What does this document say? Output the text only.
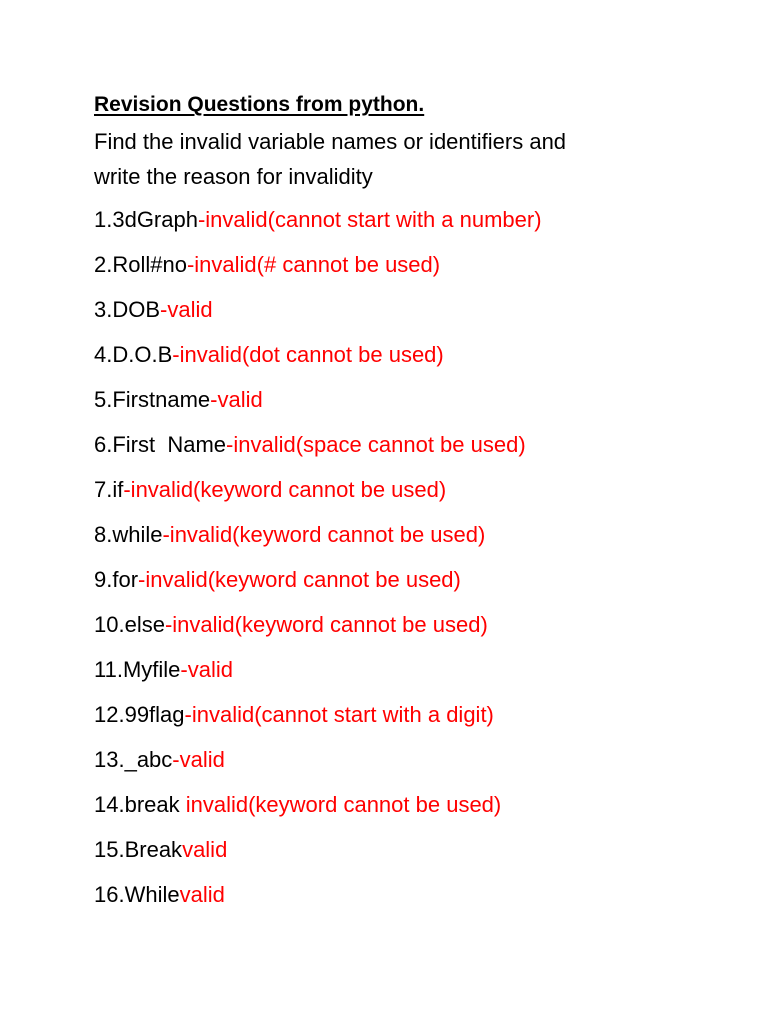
Revision Questions from python.

Find the invalid variable names or identifiers and
write the reason for invalidity

1.3dGraph-invalid(cannot start with a number)
2.Roll#no-invalid(# cannot be used)
3.DOB-valid
4.D.O.B-invalid(dot cannot be used)
5.Firstname-valid
6.First  Name-invalid(space cannot be used)
7.if-invalid(keyword cannot be used)
8.while-invalid(keyword cannot be used)
9.for-invalid(keyword cannot be used)
10.else-invalid(keyword cannot be used)
11.Myfile-valid
12.99flag-invalid(cannot start with a digit)
13._abc-valid
14.break invalid(keyword cannot be used)
15.Breakvalid
16.Whilevalid
